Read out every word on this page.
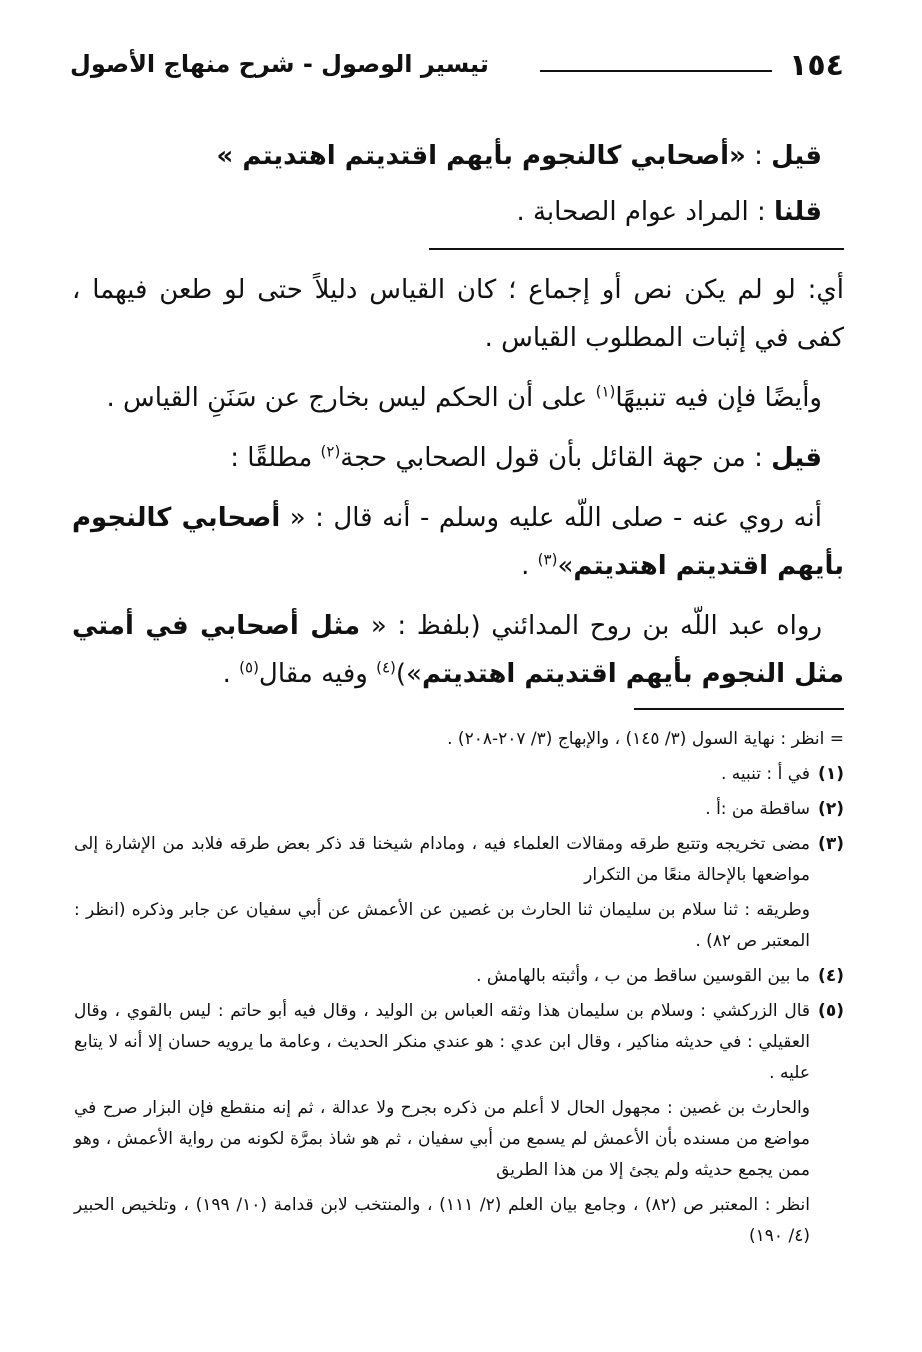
١٥٤
تيسير الوصول - شرح منهاج الأصول
قيل : «أصحابي كالنجوم بأيهم اقتديتم اهتديتم »
قلنا : المراد عوام الصحابة .

أي: لو لم يكن نص أو إجماع ؛ كان القياس دليلاً حتى لو طعن فيهما ، كفى في إثبات المطلوب القياس .

وأيضًا فإن فيه تنبيهًا$^{(١)}$ على أن الحكم ليس بخارج عن سَنَنِ القياس .

قيل : من جهة القائل بأن قول الصحابي حجة$^{(٢)}$ مطلقًا :

أنه روي عنه - صلى اللّه عليه وسلم - أنه قال : « أصحابي كالنجوم بأيهم اقتديتم اهتديتم»$^{(٣)}$ .

رواه عبد اللّه بن روح المدائني (بلفظ : « مثل أصحابي في أمتي مثل النجوم بأيهم اقتديتم اهتديتم»)$^{(٤)}$ وفيه مقال$^{(٥)}$ .

= انظر : نهاية السول (٣/ ١٤٥) ، والإبهاج (٣/ ٢٠٧-٢٠٨) .
(١)
في أ : تنبيه .
(٢)
ساقطة من :أ .
(٣)
مضى تخريجه وتتبع طرقه ومقالات العلماء فيه ، ومادام شيخنا قد ذكر بعض طرقه فلابد من الإشارة إلى مواضعها بالإحالة منعًا من التكرار
وطريقه : ثنا سلام بن سليمان ثنا الحارث بن غصين عن الأعمش عن أبي سفيان عن جابر وذكره (انظر : المعتبر ص ٨٢) .
(٤)
ما بين القوسين ساقط من ب ، وأثبته بالهامش .
(٥)
قال الزركشي : وسلام بن سليمان هذا وثقه العباس بن الوليد ، وقال فيه أبو حاتم : ليس بالقوي ، وقال العقيلي : في حديثه مناكير ، وقال ابن عدي : هو عندي منكر الحديث ، وعامة ما يرويه حسان إلا أنه لا يتابع عليه .
والحارث بن غصين : مجهول الحال لا أعلم من ذكره بجرح ولا عدالة ، ثم إنه منقطع فإن البزار صرح في مواضع من مسنده بأن الأعمش لم يسمع من أبي سفيان ، ثم هو شاذ بمرَّة لكونه من رواية الأعمش ، وهو ممن يجمع حديثه ولم يجئ إلا من هذا الطريق
انظر : المعتبر ص (٨٢) ، وجامع بيان العلم (٢/ ١١١) ، والمنتخب لابن قدامة (١٠/ ١٩٩) ، وتلخيص الحبير (٤/ ١٩٠)
